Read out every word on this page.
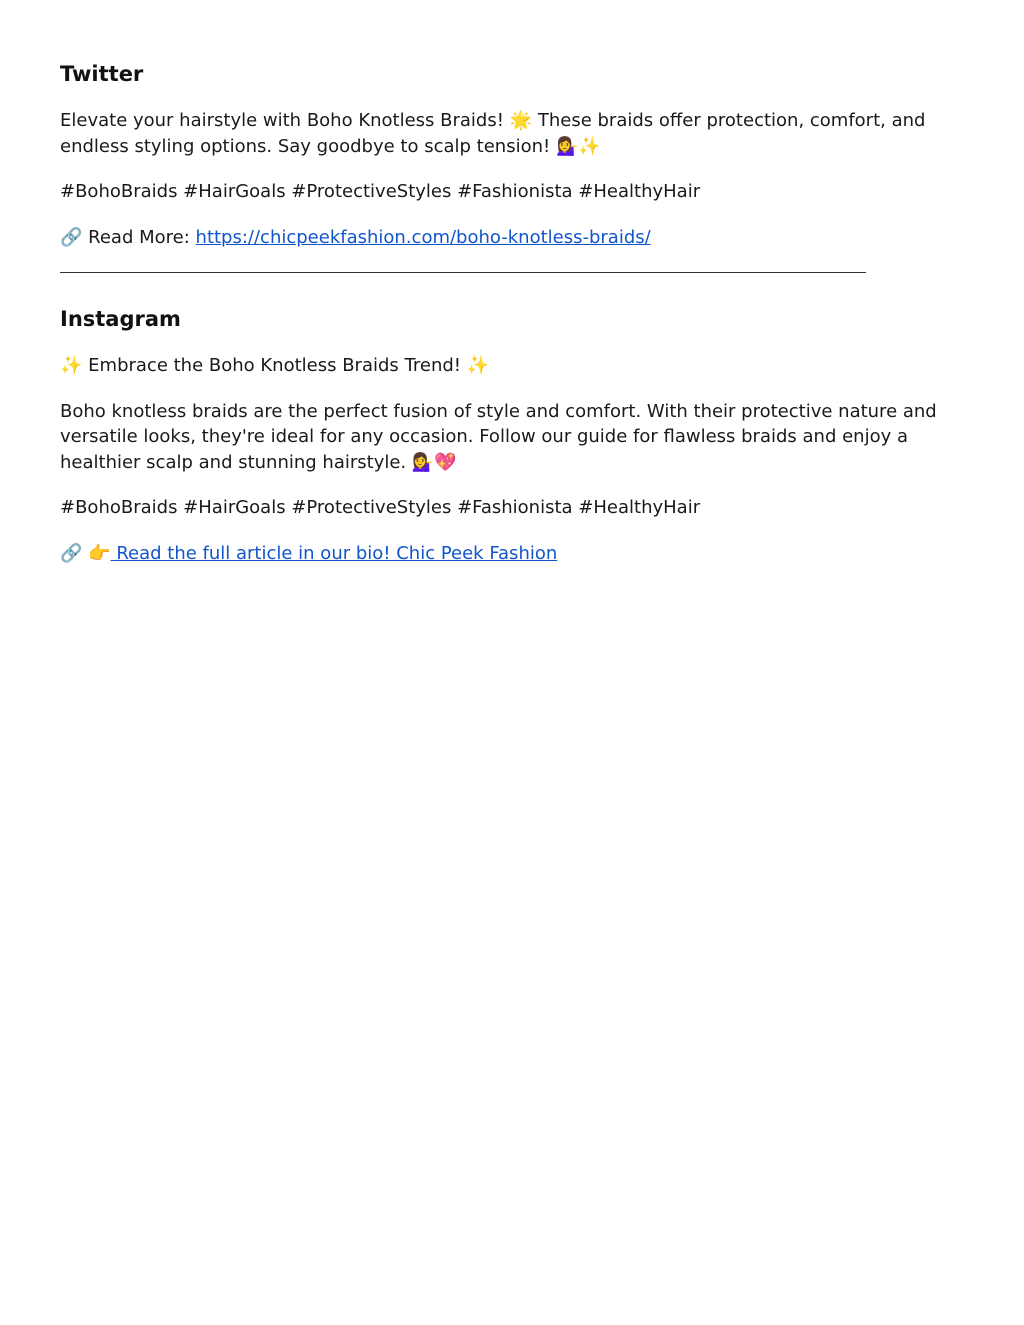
Twitter

Elevate your hairstyle with Boho Knotless Braids! 🌟 These braids offer protection, comfort, and endless styling options. Say goodbye to scalp tension! 💁‍♀️✨

#BohoBraids #HairGoals #ProtectiveStyles #Fashionista #HealthyHair

🔗 Read More: https://chicpeekfashion.com/boho-knotless-braids/

Instagram

✨ Embrace the Boho Knotless Braids Trend! ✨

Boho knotless braids are the perfect fusion of style and comfort. With their protective nature and versatile looks, they're ideal for any occasion. Follow our guide for flawless braids and enjoy a healthier scalp and stunning hairstyle. 💁‍♀️💖

#BohoBraids #HairGoals #ProtectiveStyles #Fashionista #HealthyHair

🔗 👉 Read the full article in our bio! Chic Peek Fashion
